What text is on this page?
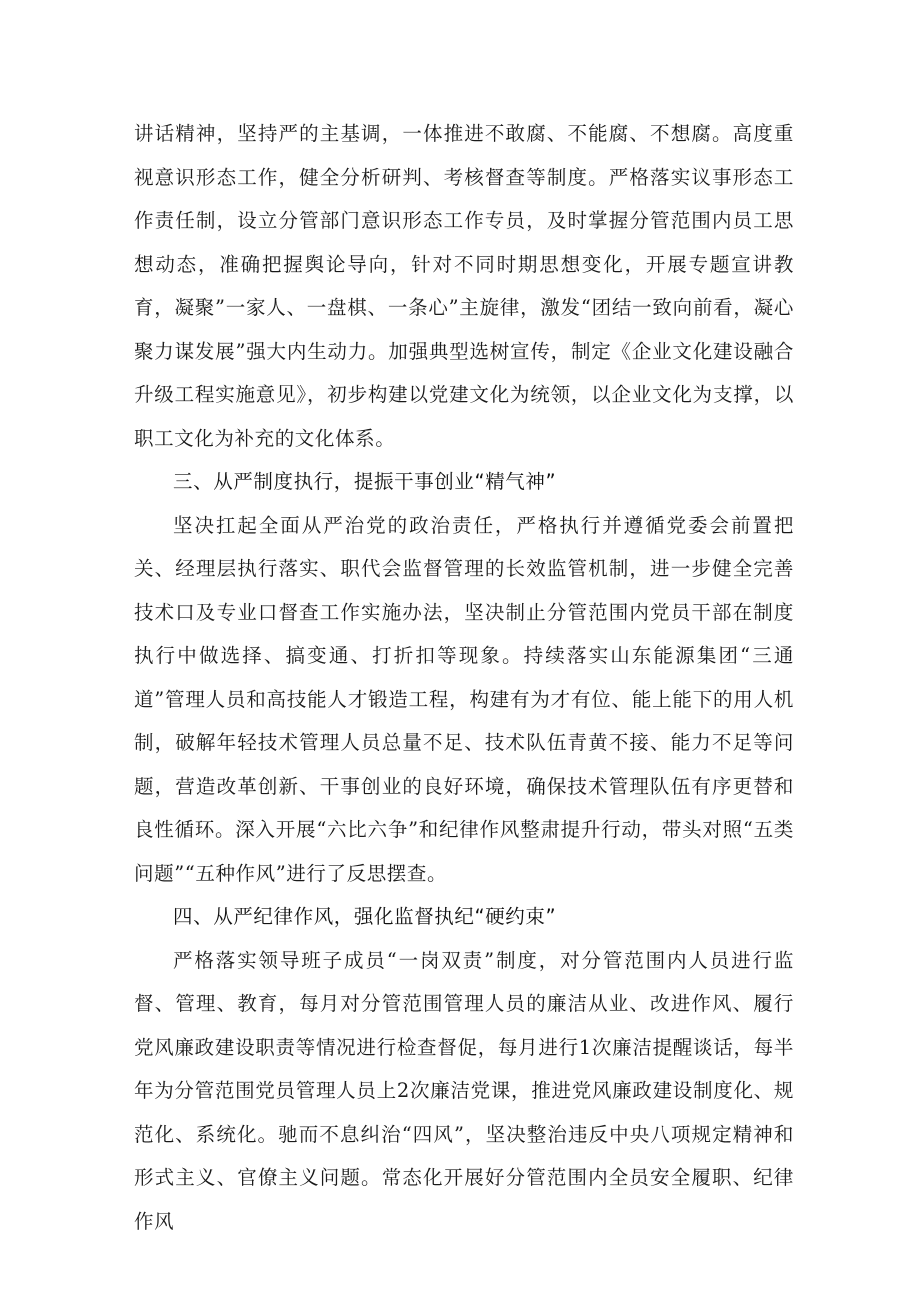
讲话精神，坚持严的主基调，一体推进不敢腐、不能腐、不想腐。高度重视意识形态工作，健全分析研判、考核督查等制度。严格落实议事形态工作责任制，设立分管部门意识形态工作专员，及时掌握分管范围内员工思想动态，准确把握舆论导向，针对不同时期思想变化，开展专题宣讲教育，凝聚”一家人、一盘棋、一条心”主旋律，激发“团结一致向前看，凝心聚力谋发展”强大内生动力。加强典型选树宣传，制定《企业文化建设融合升级工程实施意见》，初步构建以党建文化为统领，以企业文化为支撑，以职工文化为补充的文化体系。

三、从严制度执行，提振干事创业“精气神”

坚决扛起全面从严治党的政治责任，严格执行并遵循党委会前置把关、经理层执行落实、职代会监督管理的长效监管机制，进一步健全完善技术口及专业口督查工作实施办法，坚决制止分管范围内党员干部在制度执行中做选择、搞变通、打折扣等现象。持续落实山东能源集团“三通道”管理人员和高技能人才锻造工程，构建有为才有位、能上能下的用人机制，破解年轻技术管理人员总量不足、技术队伍青黄不接、能力不足等问题，营造改革创新、干事创业的良好环境，确保技术管理队伍有序更替和良性循环。深入开展“六比六争”和纪律作风整肃提升行动，带头对照“五类问题”“五种作风”进行了反思摆查。

四、从严纪律作风，强化监督执纪“硬约束”

严格落实领导班子成员“一岗双责”制度，对分管范围内人员进行监督、管理、教育，每月对分管范围管理人员的廉洁从业、改进作风、履行党风廉政建设职责等情况进行检查督促，每月进行1次廉洁提醒谈话，每半年为分管范围党员管理人员上2次廉洁党课，推进党风廉政建设制度化、规范化、系统化。驰而不息纠治“四风”，坚决整治违反中央八项规定精神和形式主义、官僚主义问题。常态化开展好分管范围内全员安全履职、纪律作风
